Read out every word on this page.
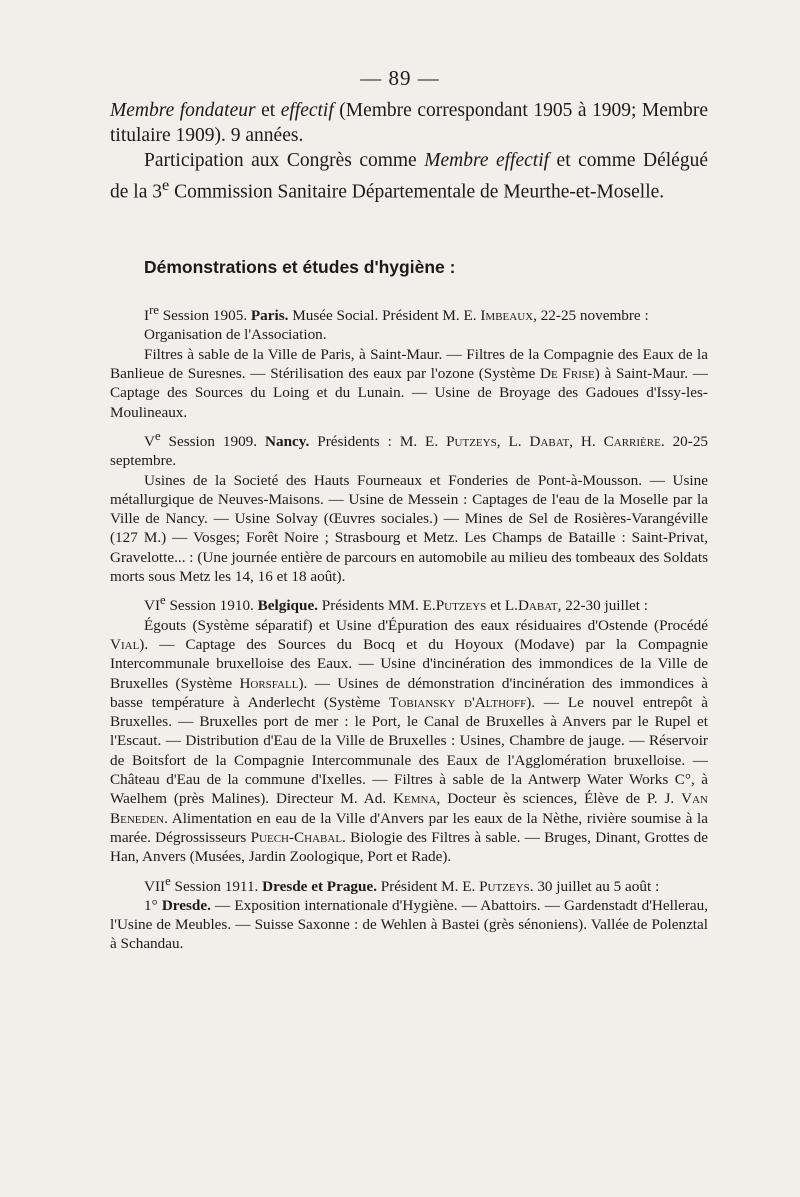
— 89 —

Membre fondateur et effectif (Membre correspondant 1905 à 1909; Membre titulaire 1909). 9 années.

Participation aux Congrès comme Membre effectif et comme Délégué de la 3e Commission Sanitaire Départementale de Meurthe-et-Moselle.

Démonstrations et études d'hygiène :

Ire Session 1905. Paris. Musée Social. Président M. E. Imbeaux, 22-25 novembre :

Organisation de l'Association.

Filtres à sable de la Ville de Paris, à Saint-Maur. — Filtres de la Compagnie des Eaux de la Banlieue de Suresnes. — Stérilisation des eaux par l'ozone (Système De Frise) à Saint-Maur. — Captage des Sources du Loing et du Lunain. — Usine de Broyage des Gadoues d'Issy-les-Moulineaux.

Ve Session 1909. Nancy. Présidents : M. E. Putzeys, L. Dabat, H. Carrière. 20-25 septembre.

Usines de la Societé des Hauts Fourneaux et Fonderies de Pont-à-Mousson. — Usine métallurgique de Neuves-Maisons. — Usine de Messein : Captages de l'eau de la Moselle par la Ville de Nancy. — Usine Solvay (Œuvres sociales.) — Mines de Sel de Rosières-Varangéville (127 M.) — Vosges; Forêt Noire ; Strasbourg et Metz. Les Champs de Bataille : Saint-Privat, Gravelotte... : (Une journée entière de parcours en automobile au milieu des tombeaux des Soldats morts sous Metz les 14, 16 et 18 août).

VIe Session 1910. Belgique. Présidents MM. E.Putzeys et L.Dabat, 22-30 juillet :

Égouts (Système séparatif) et Usine d'Épuration des eaux résiduaires d'Ostende (Procédé Vial). — Captage des Sources du Bocq et du Hoyoux (Modave) par la Compagnie Intercommunale bruxelloise des Eaux. — Usine d'incinération des immondices de la Ville de Bruxelles (Système Horsfall). — Usines de démonstration d'incinération des immondices à basse température à Anderlecht (Système Tobiansky d'Althoff). — Le nouvel entrepôt à Bruxelles. — Bruxelles port de mer : le Port, le Canal de Bruxelles à Anvers par le Rupel et l'Escaut. — Distribution d'Eau de la Ville de Bruxelles : Usines, Chambre de jauge. — Réservoir de Boitsfort de la Compagnie Intercommunale des Eaux de l'Agglomération bruxelloise. — Château d'Eau de la commune d'Ixelles. — Filtres à sable de la Antwerp Water Works C°, à Waelhem (près Malines). Directeur M. Ad. Kemna, Docteur ès sciences, Élève de P. J. Van Beneden. Alimentation en eau de la Ville d'Anvers par les eaux de la Nèthe, rivière soumise à la marée. Dégrossisseurs Puech-Chabal. Biologie des Filtres à sable. — Bruges, Dinant, Grottes de Han, Anvers (Musées, Jardin Zoologique, Port et Rade).

VIIe Session 1911. Dresde et Prague. Président M. E. Putzeys. 30 juillet au 5 août :

1° Dresde. — Exposition internationale d'Hygiène. — Abattoirs. — Gardenstadt d'Hellerau, l'Usine de Meubles. — Suisse Saxonne : de Wehlen à Bastei (grès sénoniens). Vallée de Polenztal à Schandau.
